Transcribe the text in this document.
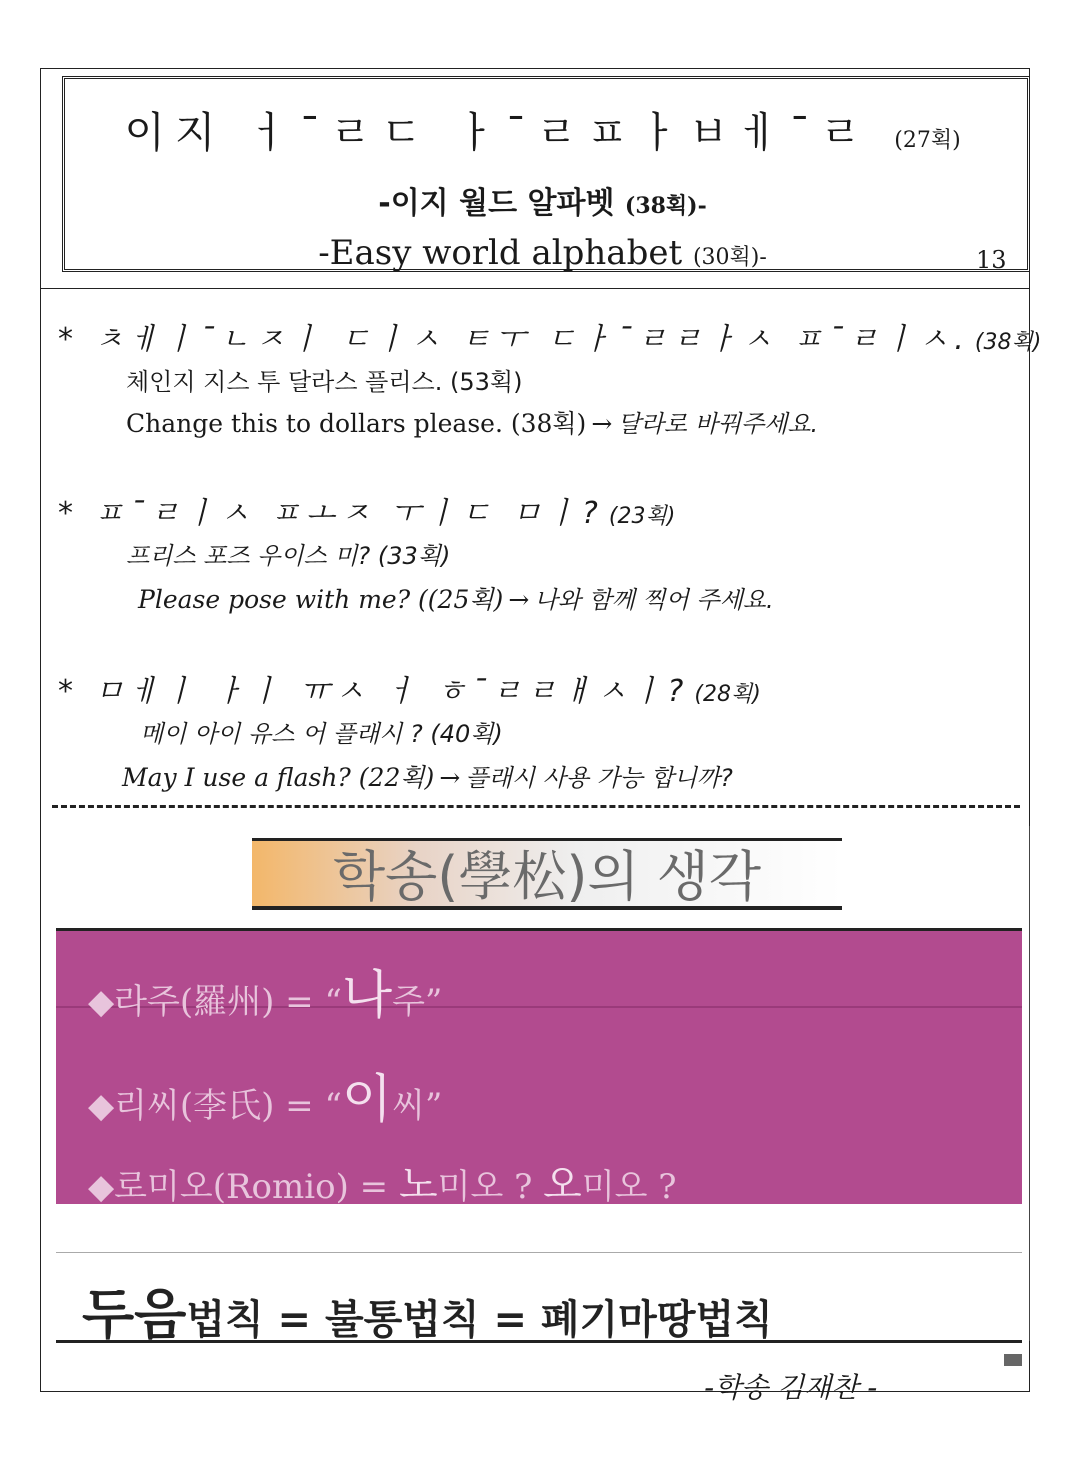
이지 ㅓ¯ㄹㄷ ㅏ¯ㄹㅍㅏㅂㅔ¯ㄹ (27획)
-이지 월드 알파벳 (38획)-
-Easy world alphabet (30획)-	13
* ㅊㅔㅣ¯ㄴㅈㅣ ㄷㅣㅅ ㅌㅜ ㄷㅏ¯ㄹㄹㅏㅅ ㅍ¯ㄹㅣㅅ. (38획)
체인지 지스 투 달라스 플리스. (53획)
Change this to dollars please. (38획) → 달라로 바꿔주세요.
* ㅍ¯ㄹㅣㅅ ㅍㅗㅈ ㅜㅣㄷ ㅁㅣ? (23획)
프리스 포즈 우이스 미? (33획)
Please pose with me? ((25획) → 나와 함께 찍어 주세요.
* ㅁㅔㅣ ㅏㅣ ㅠㅅ ㅓ ㅎ¯ㄹㄹㅐㅅㅣ? (28획)
메이 아이 유스 어 플래시 ? (40획)
May I use a flash? (22획) → 플래시 사용 가능 합니까?
학송(學松)의 생각
◆라주(羅州) = “나주”
◆리씨(李氏) = “이씨”
◆로미오(Romio) = 노미오 ? 오미오 ?
두음법칙 = 불통법칙 = 폐기마땅법칙
-학송 김재찬 -
